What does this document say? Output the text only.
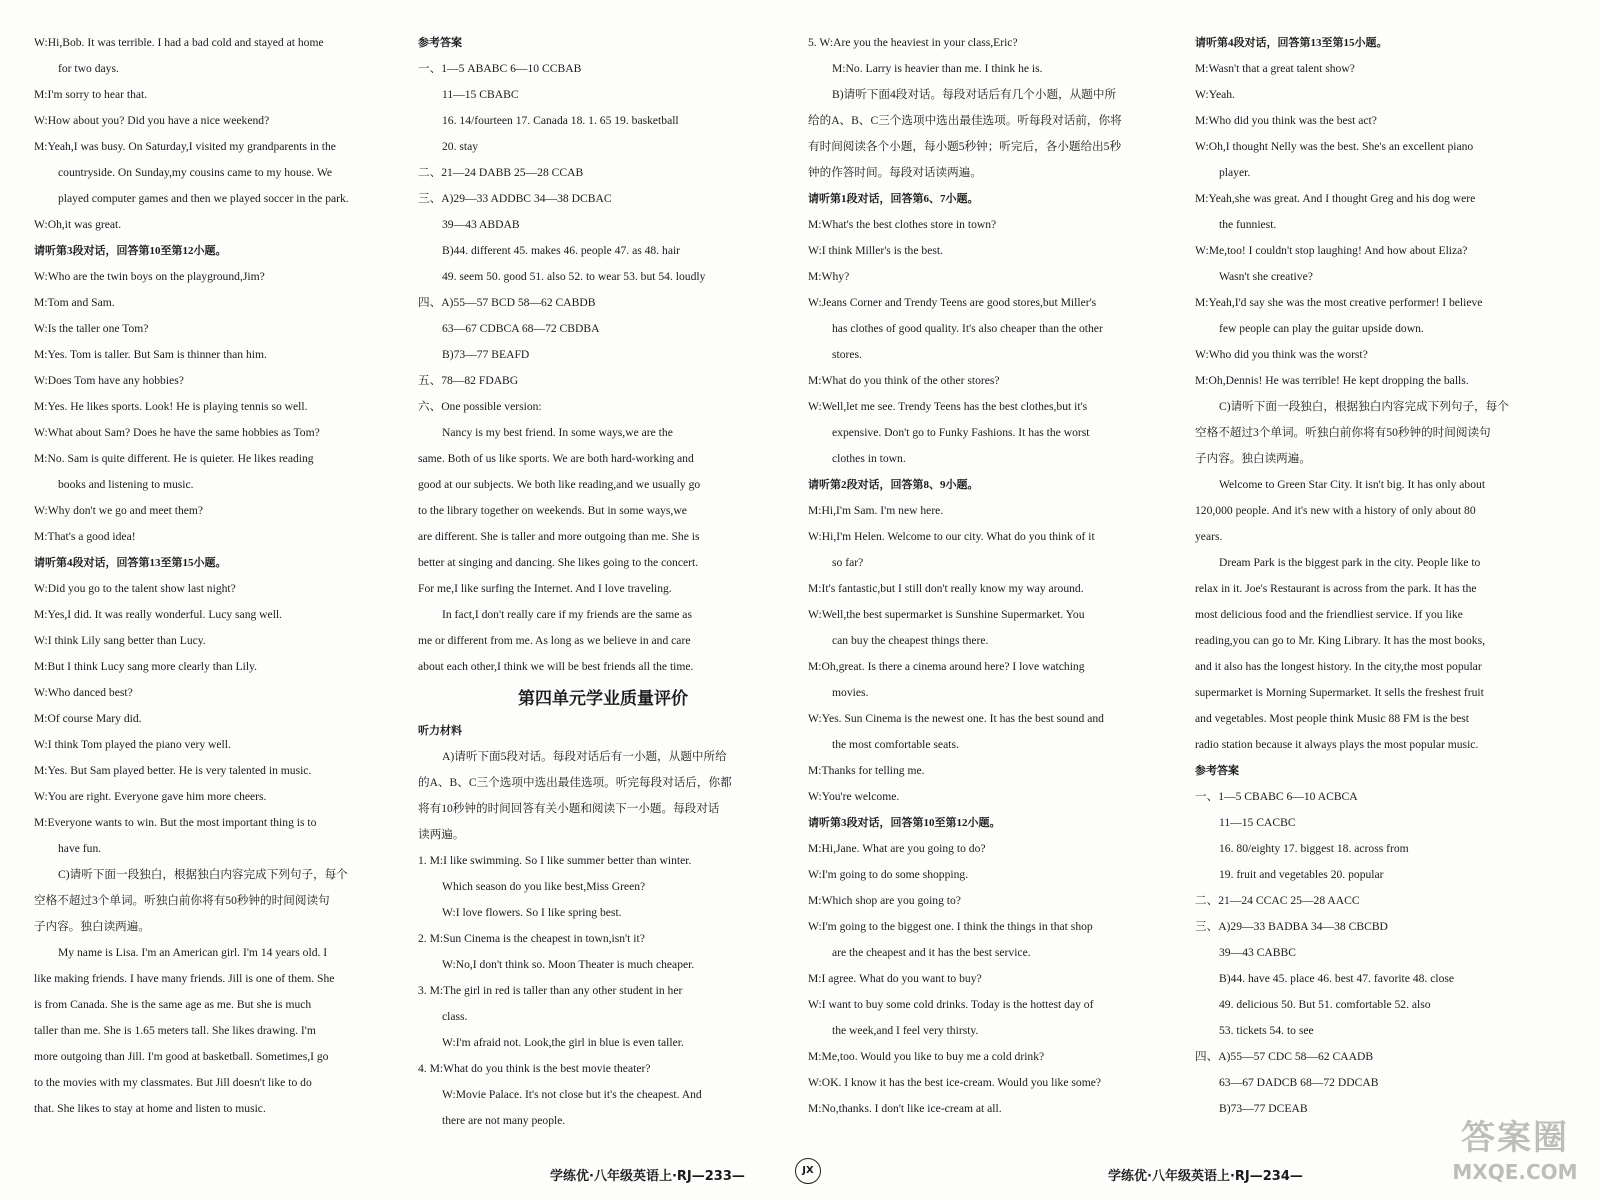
W:Hi,Bob. It was terrible. I had a bad cold and stayed at home
for two days.
M:I'm sorry to hear that.
W:How about you? Did you have a nice weekend?
M:Yeah,I was busy. On Saturday,I visited my grandparents in the
countryside. On Sunday,my cousins came to my house. We
played computer games and then we played soccer in the park.
W:Oh,it was great.
请听第3段对话，回答第10至第12小题。
W:Who are the twin boys on the playground,Jim?
M:Tom and Sam.
W:Is the taller one Tom?
M:Yes. Tom is taller. But Sam is thinner than him.
W:Does Tom have any hobbies?
M:Yes. He likes sports. Look! He is playing tennis so well.
W:What about Sam? Does he have the same hobbies as Tom?
M:No. Sam is quite different. He is quieter. He likes reading
books and listening to music.
W:Why don't we go and meet them?
M:That's a good idea!
请听第4段对话，回答第13至第15小题。
W:Did you go to the talent show last night?
M:Yes,I did. It was really wonderful. Lucy sang well.
W:I think Lily sang better than Lucy.
M:But I think Lucy sang more clearly than Lily.
W:Who danced best?
M:Of course Mary did.
W:I think Tom played the piano very well.
M:Yes. But Sam played better. He is very talented in music.
W:You are right. Everyone gave him more cheers.
M:Everyone wants to win. But the most important thing is to
have fun.
C)请听下面一段独白，根据独白内容完成下列句子，每个
空格不超过3个单词。听独白前你将有50秒钟的时间阅读句
子内容。独白读两遍。
My name is Lisa. I'm an American girl. I'm 14 years old. I
like making friends. I have many friends. Jill is one of them. She
is from Canada. She is the same age as me. But she is much
taller than me. She is 1.65 meters tall. She likes drawing. I'm
more outgoing than Jill. I'm good at basketball. Sometimes,I go
to the movies with my classmates. But Jill doesn't like to do
that. She likes to stay at home and listen to music.
参考答案
一、1—5 ABABC 6—10 CCBAB
11—15 CBABC
16. 14/fourteen 17. Canada 18. 1. 65 19. basketball
20. stay
二、21—24 DABB 25—28 CCAB
三、A)29—33 ADDBC 34—38 DCBAC
39—43 ABDAB
B)44. different 45. makes 46. people 47. as 48. hair
49. seem 50. good 51. also 52. to wear 53. but 54. loudly
四、A)55—57 BCD 58—62 CABDB
63—67 CDBCA 68—72 CBDBA
B)73—77 BEAFD
五、78—82 FDABG
六、One possible version:
Nancy is my best friend. In some ways,we are the
same. Both of us like sports. We are both hard-working and
good at our subjects. We both like reading,and we usually go
to the library together on weekends. But in some ways,we
are different. She is taller and more outgoing than me. She is
better at singing and dancing. She likes going to the concert.
For me,I like surfing the Internet. And I love traveling.
In fact,I don't really care if my friends are the same as
me or different from me. As long as we believe in and care
about each other,I think we will be best friends all the time.
第四单元学业质量评价
听力材料
A)请听下面5段对话。每段对话后有一小题，从题中所给
的A、B、C三个选项中选出最佳选项。听完每段对话后，你都
将有10秒钟的时间回答有关小题和阅读下一小题。每段对话
读两遍。
1. M:I like swimming. So I like summer better than winter.
Which season do you like best,Miss Green?
W:I love flowers. So I like spring best.
2. M:Sun Cinema is the cheapest in town,isn't it?
W:No,I don't think so. Moon Theater is much cheaper.
3. M:The girl in red is taller than any other student in her
class.
W:I'm afraid not. Look,the girl in blue is even taller.
4. M:What do you think is the best movie theater?
W:Movie Palace. It's not close but it's the cheapest. And
there are not many people.
5. W:Are you the heaviest in your class,Eric?
M:No. Larry is heavier than me. I think he is.
B)请听下面4段对话。每段对话后有几个小题，从题中所
给的A、B、C三个选项中选出最佳选项。听每段对话前，你将
有时间阅读各个小题，每小题5秒钟；听完后，各小题给出5秒
钟的作答时间。每段对话读两遍。
请听第1段对话，回答第6、7小题。
M:What's the best clothes store in town?
W:I think Miller's is the best.
M:Why?
W:Jeans Corner and Trendy Teens are good stores,but Miller's
has clothes of good quality. It's also cheaper than the other
stores.
M:What do you think of the other stores?
W:Well,let me see. Trendy Teens has the best clothes,but it's
expensive. Don't go to Funky Fashions. It has the worst
clothes in town.
请听第2段对话，回答第8、9小题。
M:Hi,I'm Sam. I'm new here.
W:Hi,I'm Helen. Welcome to our city. What do you think of it
so far?
M:It's fantastic,but I still don't really know my way around.
W:Well,the best supermarket is Sunshine Supermarket. You
can buy the cheapest things there.
M:Oh,great. Is there a cinema around here? I love watching
movies.
W:Yes. Sun Cinema is the newest one. It has the best sound and
the most comfortable seats.
M:Thanks for telling me.
W:You're welcome.
请听第3段对话，回答第10至第12小题。
M:Hi,Jane. What are you going to do?
W:I'm going to do some shopping.
M:Which shop are you going to?
W:I'm going to the biggest one. I think the things in that shop
are the cheapest and it has the best service.
M:I agree. What do you want to buy?
W:I want to buy some cold drinks. Today is the hottest day of
the week,and I feel very thirsty.
M:Me,too. Would you like to buy me a cold drink?
W:OK. I know it has the best ice-cream. Would you like some?
M:No,thanks. I don't like ice-cream at all.
请听第4段对话，回答第13至第15小题。
M:Wasn't that a great talent show?
W:Yeah.
M:Who did you think was the best act?
W:Oh,I thought Nelly was the best. She's an excellent piano
player.
M:Yeah,she was great. And I thought Greg and his dog were
the funniest.
W:Me,too! I couldn't stop laughing! And how about Eliza?
Wasn't she creative?
M:Yeah,I'd say she was the most creative performer! I believe
few people can play the guitar upside down.
W:Who did you think was the worst?
M:Oh,Dennis! He was terrible! He kept dropping the balls.
C)请听下面一段独白，根据独白内容完成下列句子，每个
空格不超过3个单词。听独白前你将有50秒钟的时间阅读句
子内容。独白读两遍。
Welcome to Green Star City. It isn't big. It has only about
120,000 people. And it's new with a history of only about 80
years.
Dream Park is the biggest park in the city. People like to
relax in it. Joe's Restaurant is across from the park. It has the
most delicious food and the friendliest service. If you like
reading,you can go to Mr. King Library. It has the most books,
and it also has the longest history. In the city,the most popular
supermarket is Morning Supermarket. It sells the freshest fruit
and vegetables. Most people think Music 88 FM is the best
radio station because it always plays the most popular music.
参考答案
一、1—5 CBABC 6—10 ACBCA
11—15 CACBC
16. 80/eighty 17. biggest 18. across from
19. fruit and vegetables 20. popular
二、21—24 CCAC 25—28 AACC
三、A)29—33 BADBA 34—38 CBCBD
39—43 CABBC
B)44. have 45. place 46. best 47. favorite 48. close
49. delicious 50. But 51. comfortable 52. also
53. tickets 54. to see
四、A)55—57 CDC 58—62 CAADB
63—67 DADCB 68—72 DDCAB
B)73—77 DCEAB
学练优·八年级英语上·RJ—233—	JX	学练优·八年级英语上·RJ—234—
答案圈
MXQE.COM
